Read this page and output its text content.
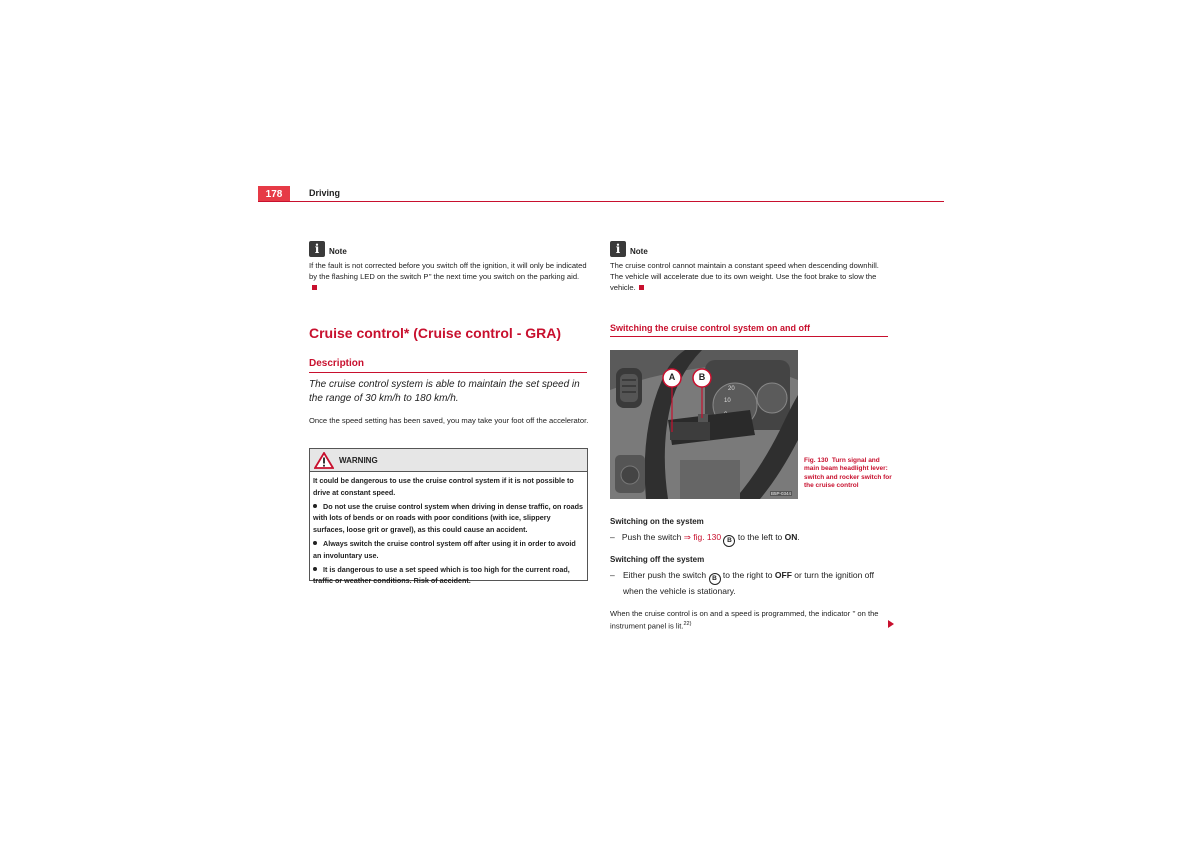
178	Driving
i Note
If the fault is not corrected before you switch off the ignition, it will only be indicated by the flashing LED on the switch P’’ the next time you switch on the parking aid.
Cruise control* (Cruise control - GRA)
Description
The cruise control system is able to maintain the set speed in the range of 30 km/h to 180 km/h.
Once the speed setting has been saved, you may take your foot off the accelerator.
WARNING

It could be dangerous to use the cruise control system if it is not possible to drive at constant speed.

Do not use the cruise control system when driving in dense traffic, on roads with lots of bends or on roads with poor conditions (with ice, slippery surfaces, loose grit or gravel), as this could cause an accident.

Always switch the cruise control system off after using it in order to avoid an involuntary use.

It is dangerous to use a set speed which is too high for the current road, traffic or weather conditions. Risk of accident.

i Note
The cruise control cannot maintain a constant speed when descending downhill. The vehicle will accelerate due to its own weight. Use the foot brake to slow the vehicle.
Switching the cruise control system on and off
20
10
A	B
B5P-0344
Fig. 130 Turn signal and main beam headlight lever: switch and rocker switch for the cruise control
Switching on the system
– Push the switch ⇒ fig. 130 B to the left to ON.
Switching off the system
– Either push the switch B to the right to OFF or turn the ignition off when the vehicle is stationary.
When the cruise control is on and a speed is programmed, the indicator ’’ on the instrument panel is lit.$^{22)}$
